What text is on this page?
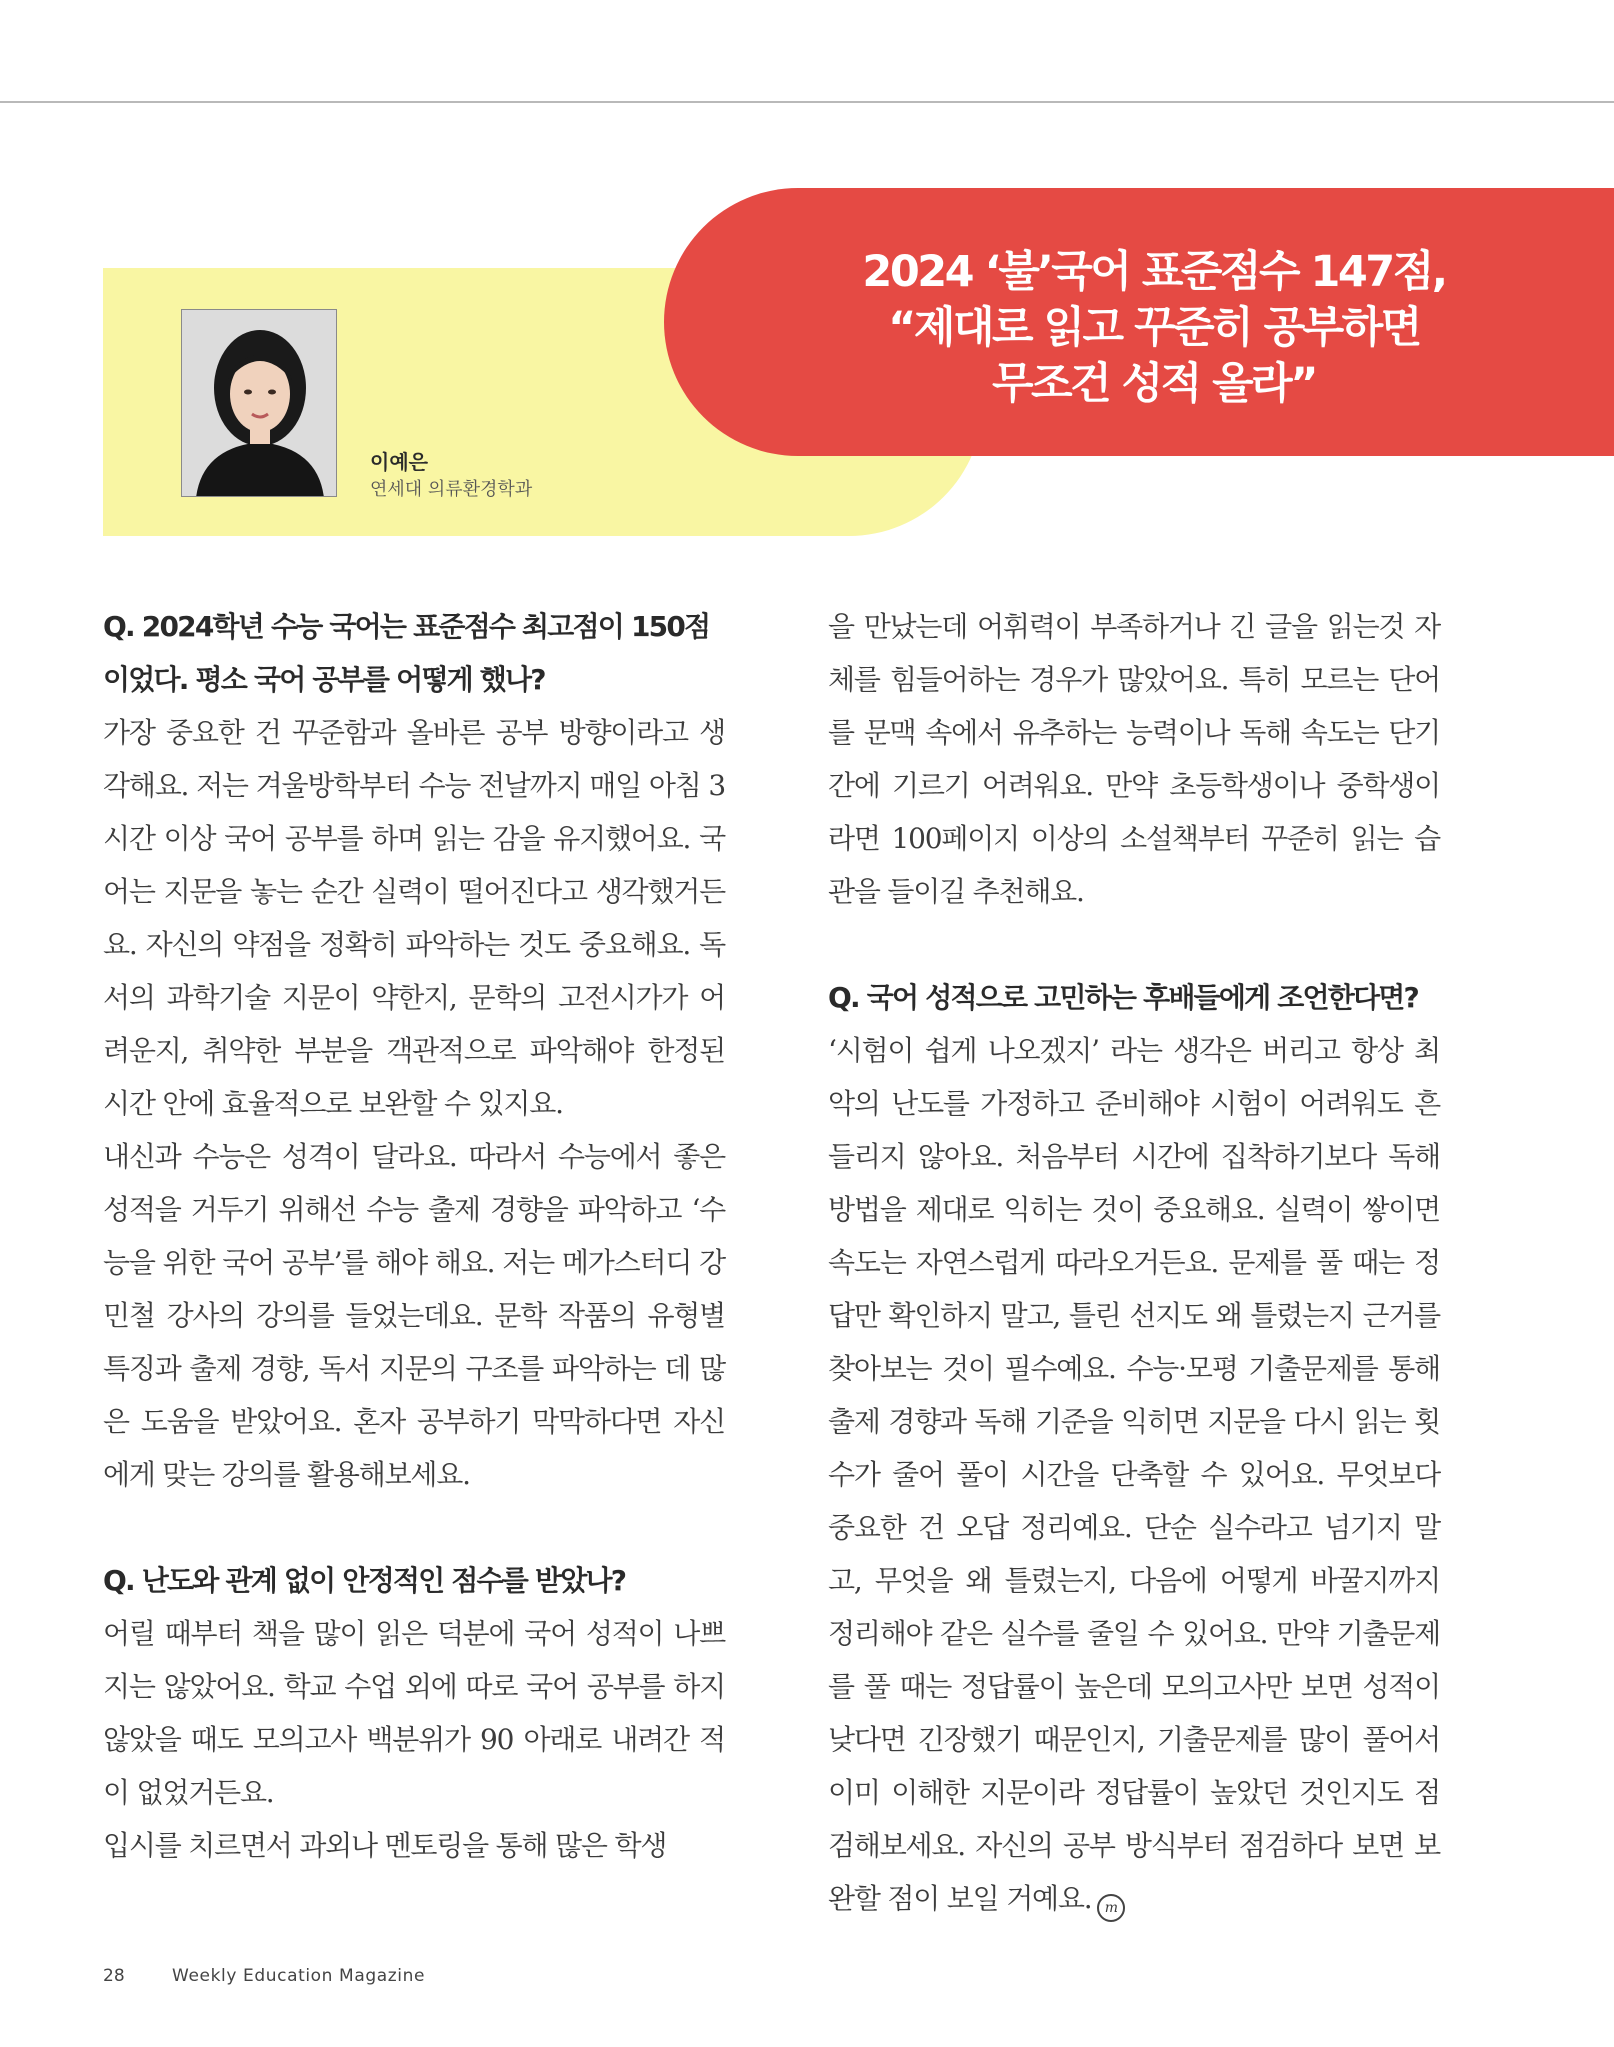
이예은
연세대 의류환경학과
2024 ‘불’국어 표준점수 147점,
“제대로 읽고 꾸준히 공부하면
무조건 성적 올라”

Q. 2024학년 수능 국어는 표준점수 최고점이 150점이었다. 평소 국어 공부를 어떻게 했나?

가장 중요한 건 꾸준함과 올바른 공부 방향이라고 생각해요. 저는 겨울방학부터 수능 전날까지 매일 아침 3시간 이상 국어 공부를 하며 읽는 감을 유지했어요. 국어는 지문을 놓는 순간 실력이 떨어진다고 생각했거든요. 자신의 약점을 정확히 파악하는 것도 중요해요. 독서의 과학기술 지문이 약한지, 문학의 고전시가가 어려운지, 취약한 부분을 객관적으로 파악해야 한정된 시간 안에 효율적으로 보완할 수 있지요.

내신과 수능은 성격이 달라요. 따라서 수능에서 좋은 성적을 거두기 위해선 수능 출제 경향을 파악하고 ‘수능을 위한 국어 공부’를 해야 해요. 저는 메가스터디 강민철 강사의 강의를 들었는데요. 문학 작품의 유형별 특징과 출제 경향, 독서 지문의 구조를 파악하는 데 많은 도움을 받았어요. 혼자 공부하기 막막하다면 자신에게 맞는 강의를 활용해보세요.

Q. 난도와 관계 없이 안정적인 점수를 받았나?

어릴 때부터 책을 많이 읽은 덕분에 국어 성적이 나쁘지는 않았어요. 학교 수업 외에 따로 국어 공부를 하지 않았을 때도 모의고사 백분위가 90 아래로 내려간 적이 없었거든요.

입시를 치르면서 과외나 멘토링을 통해 많은 학생

을 만났는데 어휘력이 부족하거나 긴 글을 읽는것 자체를 힘들어하는 경우가 많았어요. 특히 모르는 단어를 문맥 속에서 유추하는 능력이나 독해 속도는 단기간에 기르기 어려워요. 만약 초등학생이나 중학생이라면 100페이지 이상의 소설책부터 꾸준히 읽는 습관을 들이길 추천해요.

Q. 국어 성적으로 고민하는 후배들에게 조언한다면?

‘시험이 쉽게 나오겠지’ 라는 생각은 버리고 항상 최악의 난도를 가정하고 준비해야 시험이 어려워도 흔들리지 않아요. 처음부터 시간에 집착하기보다 독해 방법을 제대로 익히는 것이 중요해요. 실력이 쌓이면 속도는 자연스럽게 따라오거든요. 문제를 풀 때는 정답만 확인하지 말고, 틀린 선지도 왜 틀렸는지 근거를 찾아보는 것이 필수예요. 수능·모평 기출문제를 통해 출제 경향과 독해 기준을 익히면 지문을 다시 읽는 횟수가 줄어 풀이 시간을 단축할 수 있어요. 무엇보다 중요한 건 오답 정리예요. 단순 실수라고 넘기지 말고, 무엇을 왜 틀렸는지, 다음에 어떻게 바꿀지까지 정리해야 같은 실수를 줄일 수 있어요. 만약 기출문제를 풀 때는 정답률이 높은데 모의고사만 보면 성적이 낮다면 긴장했기 때문인지, 기출문제를 많이 풀어서 이미 이해한 지문이라 정답률이 높았던 것인지도 점검해보세요. 자신의 공부 방식부터 점검하다 보면 보완할 점이 보일 거예요. m

28	Weekly Education Magazine
